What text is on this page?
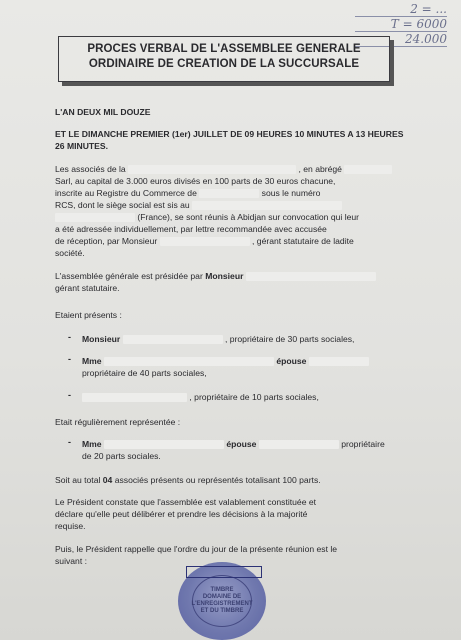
2 = ...
T = 6000
24.000
PROCES VERBAL DE L'ASSEMBLEE GENERALE
ORDINAIRE DE CREATION DE LA SUCCURSALE
L'AN DEUX MIL DOUZE
ET LE DIMANCHE PREMIER (1er) JUILLET DE 09 HEURES 10 MINUTES A 13 HEURES
26 MINUTES.
Les associés de la	, en abrégé
Sarl, au capital de 3.000 euros divisés en 100 parts de 30 euros chacune,
inscrite au Registre du Commerce de	sous le numéro
RCS, dont le siège social est sis au
(France), se sont réunis à Abidjan sur convocation qui leur
a été adressée individuellement, par lettre recommandée avec accusée
de réception, par Monsieur	, gérant statutaire de ladite
société.
L'assemblée générale est présidée par Monsieur
gérant statutaire.
Etaient présents :
- Monsieur	, propriétaire de 30 parts sociales,
- Mme	épouse
propriétaire de 40 parts sociales,
-	, propriétaire de 10 parts sociales,
Etait régulièrement représentée :
- Mme	épouse	propriétaire
de 20 parts sociales.
Soit au total 04 associés présents ou représentés totalisant 100 parts.
Le Président constate que l'assemblée est valablement constituée et
déclare qu'elle peut délibérer et prendre les décisions à la majorité
requise.
Puis, le Président rappelle que l'ordre du jour de la présente réunion est le
suivant :
TIMBRE
DOMAINE DE
L'ENREGISTREMENT
ET DU TIMBRE
